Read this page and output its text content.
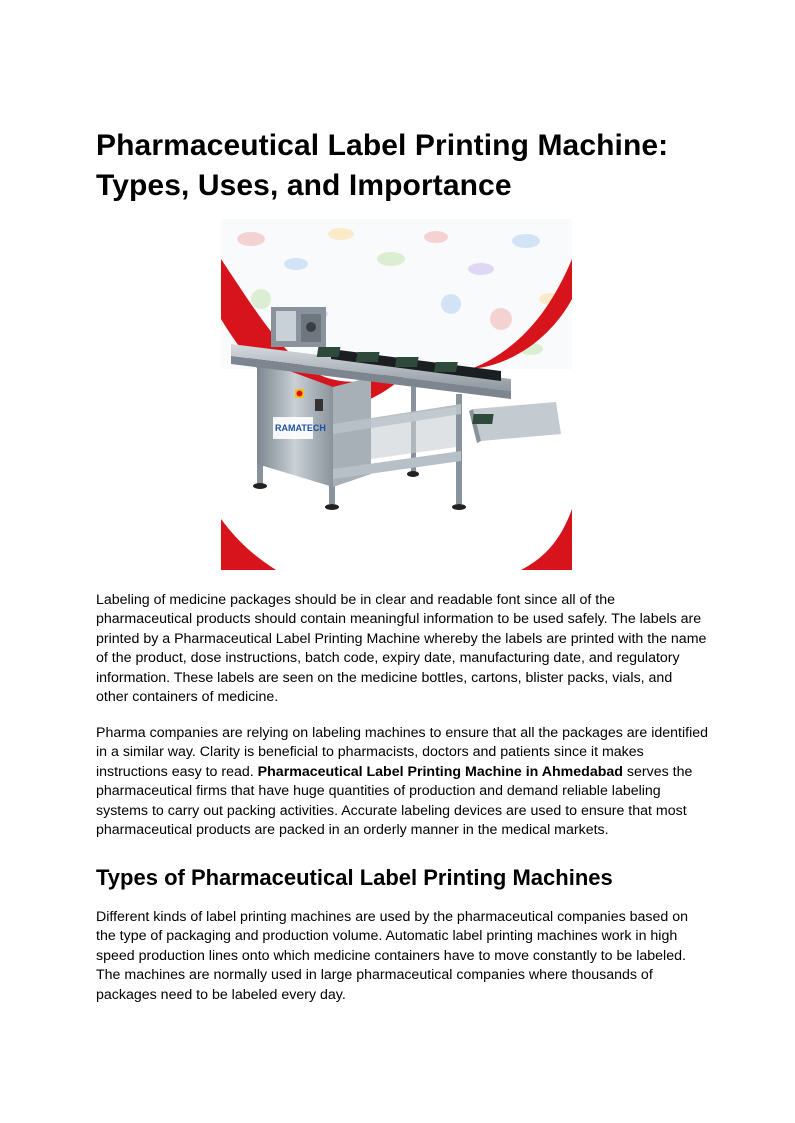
Pharmaceutical Label Printing Machine:
Types, Uses, and Importance
RAMATECH

Labeling of medicine packages should be in clear and readable font since all of the pharmaceutical products should contain meaningful information to be used safely. The labels are printed by a Pharmaceutical Label Printing Machine whereby the labels are printed with the name of the product, dose instructions, batch code, expiry date, manufacturing date, and regulatory information. These labels are seen on the medicine bottles, cartons, blister packs, vials, and other containers of medicine.

Pharma companies are relying on labeling machines to ensure that all the packages are identified in a similar way. Clarity is beneficial to pharmacists, doctors and patients since it makes instructions easy to read. Pharmaceutical Label Printing Machine in Ahmedabad serves the pharmaceutical firms that have huge quantities of production and demand reliable labeling systems to carry out packing activities. Accurate labeling devices are used to ensure that most pharmaceutical products are packed in an orderly manner in the medical markets.

Types of Pharmaceutical Label Printing Machines

Different kinds of label printing machines are used by the pharmaceutical companies based on the type of packaging and production volume. Automatic label printing machines work in high speed production lines onto which medicine containers have to move constantly to be labeled. The machines are normally used in large pharmaceutical companies where thousands of packages need to be labeled every day.
